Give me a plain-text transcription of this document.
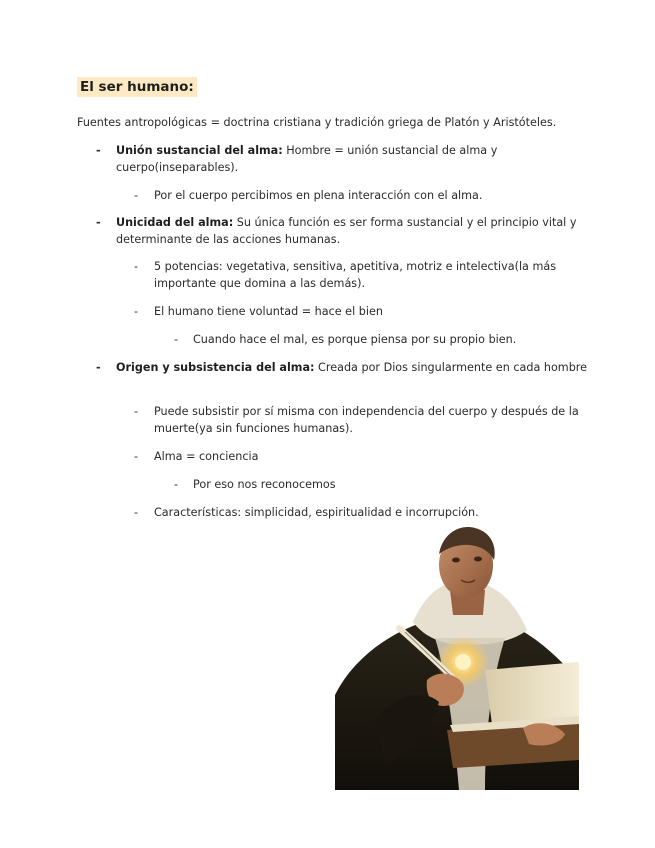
El ser humano:

Fuentes antropológicas = doctrina cristiana y tradición griega de Platón y Aristóteles.

- Unión sustancial del alma: Hombre = unión sustancial de alma y cuerpo(inseparables).
- Por el cuerpo percibimos en plena interacción con el alma.
- Unicidad del alma: Su única función es ser forma sustancial y el principio vital y determinante de las acciones humanas.
- 5 potencias: vegetativa, sensitiva, apetitiva, motriz e intelectiva(la más importante que domina a las demás).
- El humano tiene voluntad = hace el bien
- Cuando hace el mal, es porque piensa por su propio bien.
- Origen y subsistencia del alma: Creada por Dios singularmente en cada hombre
- Puede subsistir por sí misma con independencia del cuerpo y después de la muerte(ya sin funciones humanas).
- Alma = conciencia
- Por eso nos reconocemos
- Características: simplicidad, espiritualidad e incorrupción.
